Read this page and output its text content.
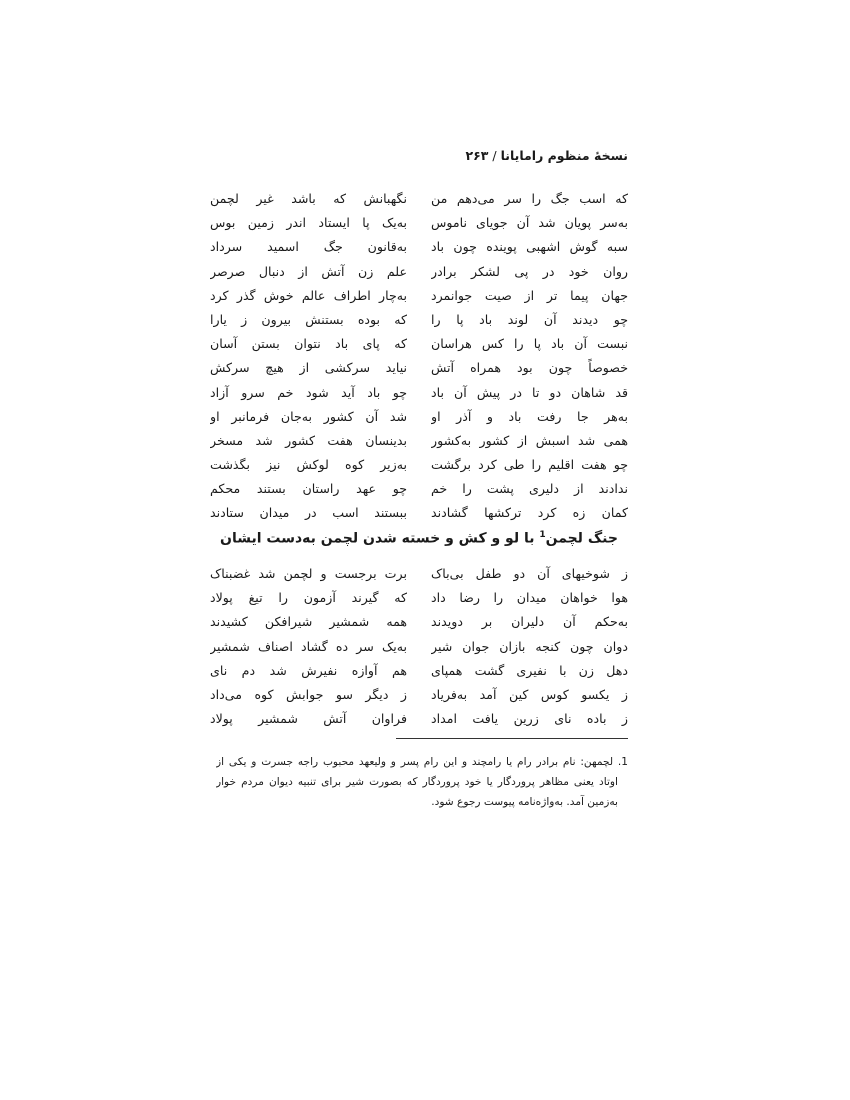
نسخهٔ منظوم رامایانا/۲۶۳
که اسب جگ را سر می‌دهم من
نگهبانش که باشد غیر لچمن
به‌سر پویان شد آن جویای ناموس
به‌یک پا ایستاد اندر زمین بوس
سبه گوش اشهبی پوینده چون باد
به‌قانون جگ اسمید سرداد
روان خود در پی لشکر برادر
علم زن آتش از دنبال صرصر
جهان پیما تر از صیت جوانمرد
به‌چار اطراف عالم خوش گذر کرد
چو دیدند آن لوند باد پا را
که بوده بستنش بیرون ز یارا
نبست آن باد پا را کس هراسان
که پای باد نتوان بستن آسان
خصوصاً چون بود همراه آتش
نیاید سرکشی از هیچ سرکش
قد شاهان دو تا در پیش آن باد
چو باد آید شود خم سرو آزاد
به‌هر جا رفت باد و آذر او
شد آن کشور به‌جان فرمانبر او
همی شد اسبش از کشور به‌کشور
بدینسان هفت کشور شد مسخر
چو هفت اقلیم را طی کرد برگشت
به‌زیر کوه لوکش نیز بگذشت
ندادند از دلیری پشت را خم
چو عهد راستان بستند محکم
کمان زه کرد ترکشها گشادند
ببستند اسب در میدان ستادند
جنگ لچمن$^1$ با لو و کش و خسته شدن لچمن به‌دست ایشان
ز شوخیهای آن دو طفل بی‌باک
برت برجست و لچمن شد غضبناک
هوا خواهان میدان را رضا داد
که گیرند آزمون را تیغ پولاد
به‌حکم آن دلیران بر دویدند
همه شمشیر شیرافکن کشیدند
دوان چون کنجه بازان جوان شیر
به‌یک سر ده گشاد اصناف شمشیر
دهل زن با نفیری گشت همپای
هم آوازه نفیرش شد دم نای
ز یکسو کوس کین آمد به‌فریاد
ز دیگر سو جوابش کوه می‌داد
ز باده نای زرین یافت امداد
فراوان آتش شمشیر پولاد
1. لچمهن: نام برادر رام یا رامچند و این رام پسر و ولیعهد محبوب راجه جسرت و یکی از
اوتاد یعنی مظاهر پروردگار یا خود پروردگار که بصورت شیر برای تنبیه دیوان مردم خوار
به‌زمین آمد. به‌واژه‌نامه پیوست رجوع شود.
